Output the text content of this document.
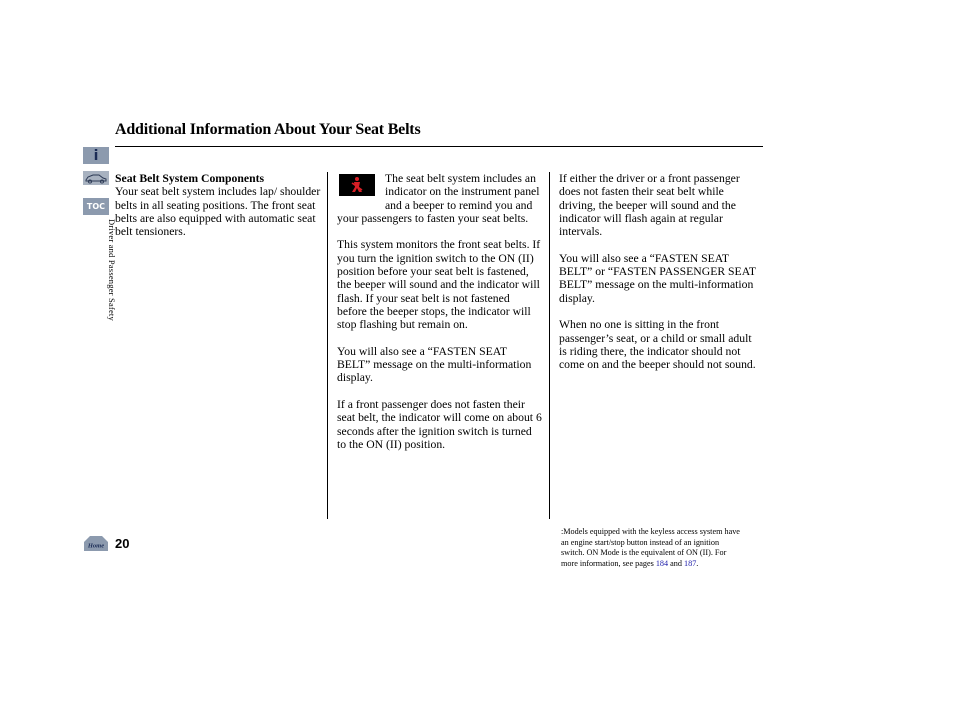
Additional Information About Your Seat Belts
i
TOC
Driver and Passenger Safety
Seat Belt System Components

Your seat belt system includes lap/ shoulder belts in all seating positions. The front seat belts are also equipped with automatic seat belt tensioners.

The seat belt system includes an indicator on the instrument panel and a beeper to remind you and your passengers to fasten your seat belts.

This system monitors the front seat belts. If you turn the ignition switch to the ON (II) position before your seat belt is fastened, the beeper will sound and the indicator will flash. If your seat belt is not fastened before the beeper stops, the indicator will stop flashing but remain on.

You will also see a “FASTEN SEAT BELT” message on the multi-information display.

If a front passenger does not fasten their seat belt, the indicator will come on about 6 seconds after the ignition switch is turned to the ON (II) position.

If either the driver or a front passenger does not fasten their seat belt while driving, the beeper will sound and the indicator will flash again at regular intervals.

You will also see a “FASTEN SEAT BELT” or “FASTEN PASSENGER SEAT BELT” message on the multi-information display.

When no one is sitting in the front passenger’s seat, or a child or small adult is riding there, the indicator should not come on and the beeper should not sound.

Home 20
:Models equipped with the keyless access system have an engine start/stop button instead of an ignition switch. ON Mode is the equivalent of ON (II). For more information, see pages 184 and 187.
